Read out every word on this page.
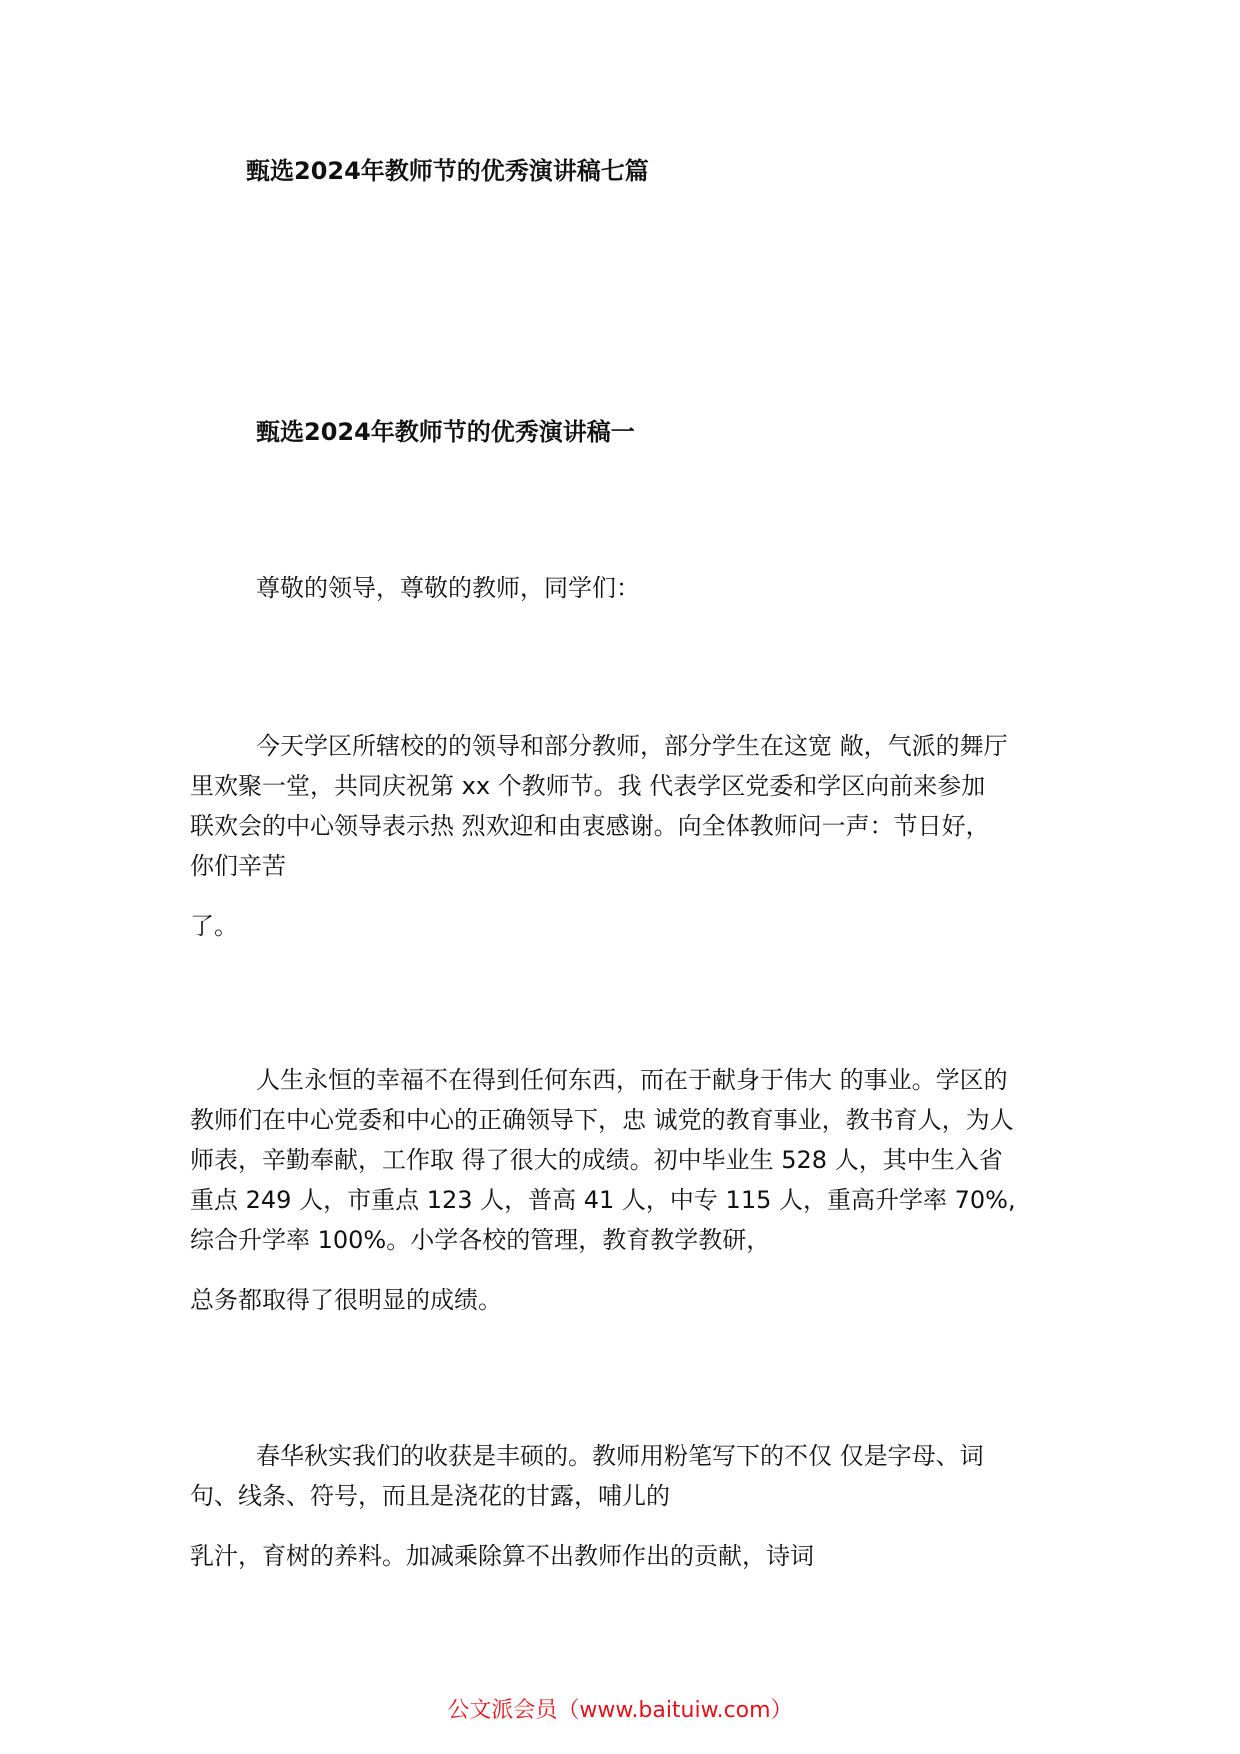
甄选2024年教师节的优秀演讲稿七篇
甄选2024年教师节的优秀演讲稿一

尊敬的领导，尊敬的教师，同学们：

今天学区所辖校的的领导和部分教师，部分学生在这宽 敞，气派的舞厅
里欢聚一堂，共同庆祝第 xx 个教师节。我 代表学区党委和学区向前来参加
联欢会的中心领导表示热 烈欢迎和由衷感谢。向全体教师问一声：节日好，
你们辛苦

了。

人生永恒的幸福不在得到任何东西，而在于献身于伟大 的事业。学区的
教师们在中心党委和中心的正确领导下，忠 诚党的教育事业，教书育人，为人
师表，辛勤奉献，工作取 得了很大的成绩。初中毕业生 528 人，其中生入省
重点 249 人，市重点 123 人，普高 41 人，中专 115 人，重高升学率 70%,
综合升学率 100%。小学各校的管理，教育教学教研，

总务都取得了很明显的成绩。

春华秋实我们的收获是丰硕的。教师用粉笔写下的不仅 仅是字母、词
句、线条、符号，而且是浇花的甘露，哺儿的

乳汁，育树的养料。加减乘除算不出教师作出的贡献，诗词

公文派会员（www.baituiw.com）
